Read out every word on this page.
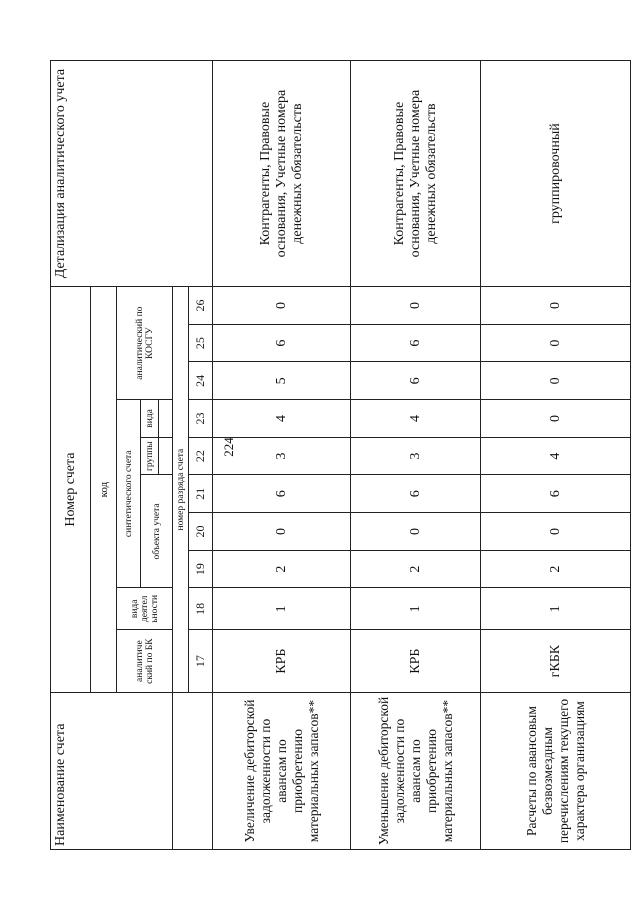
224
Наименование счета	Номер счета										Детализация аналитического учета
	код										
	аналитиче ский по БК	вида деятел ьности	синтетического счета					аналитический по КОСГУ			
			объекта учета			группы	вида				

	номер разряда счета										
	17	18	19	20	21	22	23	24	25	26	
Увеличение дебиторской задолженности по авансам по приобретению материальных запасов**	КРБ	1	2	0	6	3	4	5	6	0	Контрагенты, Правовые основания, Учетные номера денежных обязательств
Уменьшение дебиторской задолженности по авансам по приобретению материальных запасов**	КРБ	1	2	0	6	3	4	6	6	0	Контрагенты, Правовые основания, Учетные номера денежных обязательств
Расчеты по авансовым безвозмездным перечислениям текущего характера организациям	гКБК	1	2	0	6	4	0	0	0	0	группировочный
